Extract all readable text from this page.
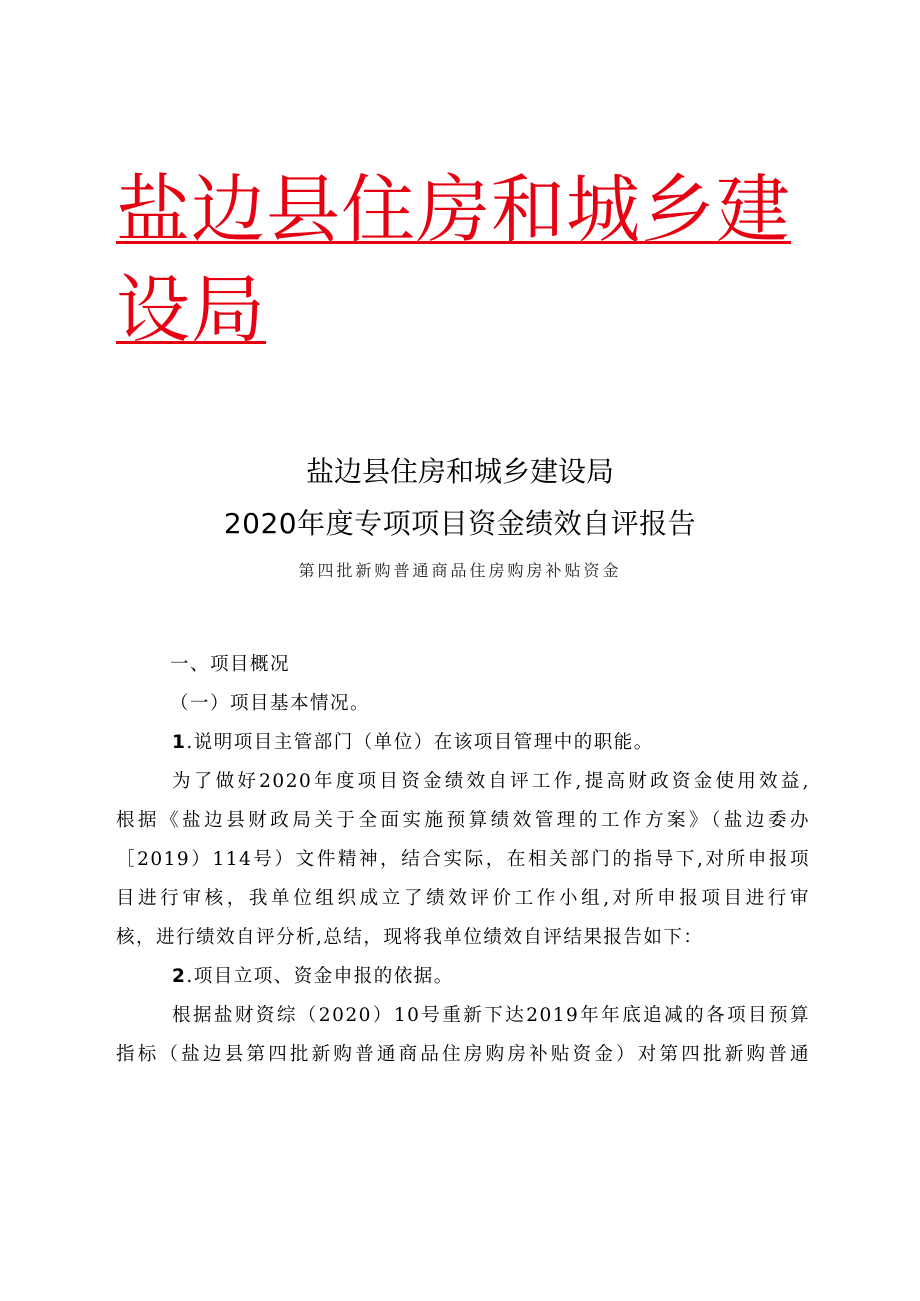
盐边县住房和城乡建
设局
盐边县住房和城乡建设局
2020年度专项项目资金绩效自评报告
第四批新购普通商品住房购房补贴资金

一、项目概况

（一）项目基本情况。

1.说明项目主管部门（单位）在该项目管理中的职能。

为了做好2020年度项目资金绩效自评工作,提高财政资金使用效益,

根据《盐边县财政局关于全面实施预算绩效管理的工作方案》（盐边委办

［2019）114号）文件精神，结合实际，在相关部门的指导下,对所申报项

目进行审核，我单位组织成立了绩效评价工作小组,对所申报项目进行审

核，进行绩效自评分析,总结，现将我单位绩效自评结果报告如下：

2.项目立项、资金申报的依据。

根据盐财资综（2020）10号重新下达2019年年底追减的各项目预算

指标（盐边县第四批新购普通商品住房购房补贴资金）对第四批新购普通
